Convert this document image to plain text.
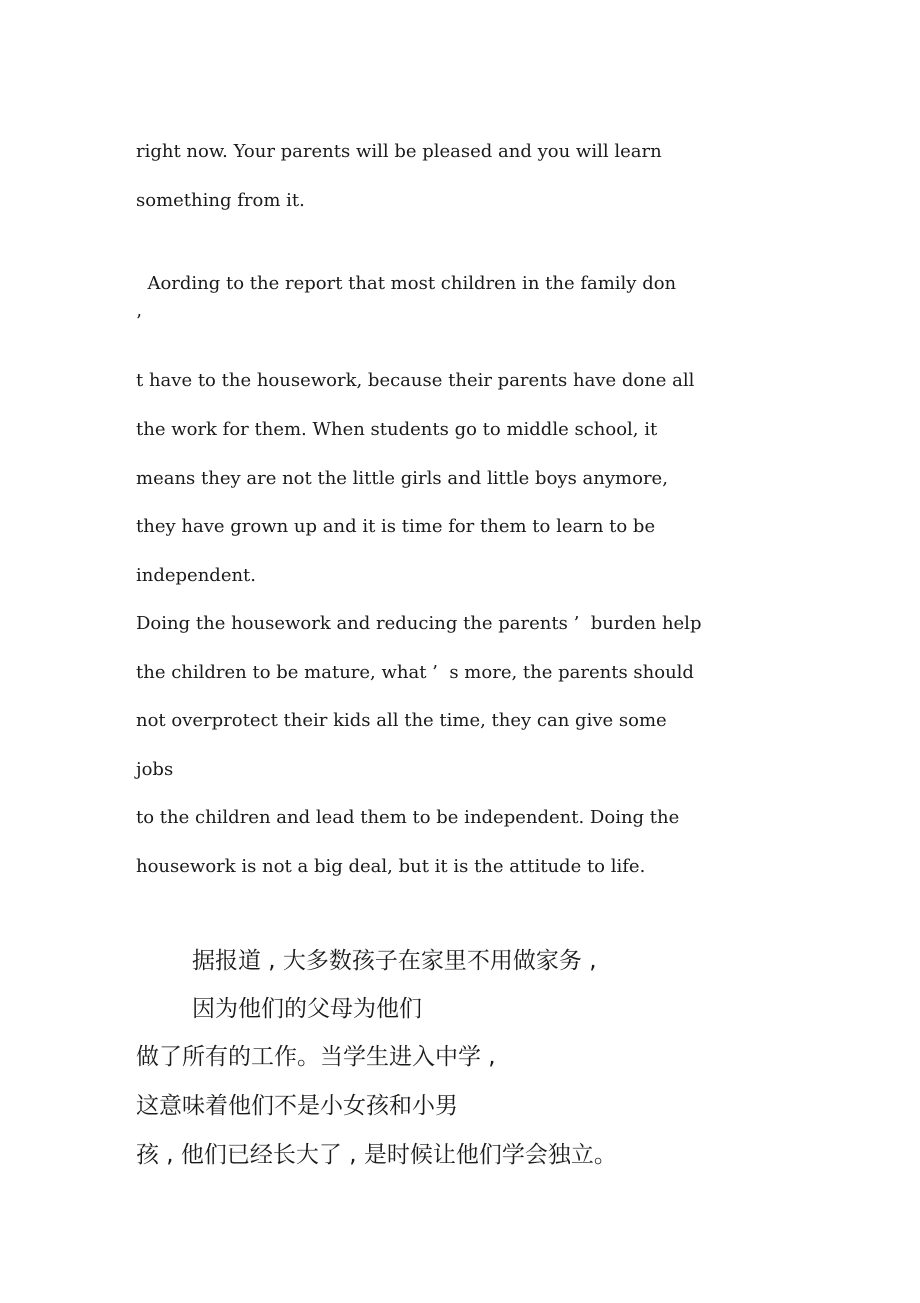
right now. Your parents will be pleased and you will learn
something from it.
Aording to the report that most children in the family don
’
t have to the housework, because their parents have done all
the work for them. When students go to middle school, it
means they are not the little girls and little boys anymore,
they have grown up and it is time for them to learn to be
independent.
Doing the housework and reducing the parents ’  burden help
the children to be mature, what ’  s more, the parents should
not overprotect their kids all the time, they can give some
jobs
to the children and lead them to be independent. Doing the
housework is not a big deal, but it is the attitude to life.
据报道 , 大多数孩子在家里不用做家务 ,
因为他们的父母为他们
做了所有的工作。当学生进入中学 ,
这意味着他们不是小女孩和小男
孩 , 他们已经长大了 , 是时候让他们学会独立。
